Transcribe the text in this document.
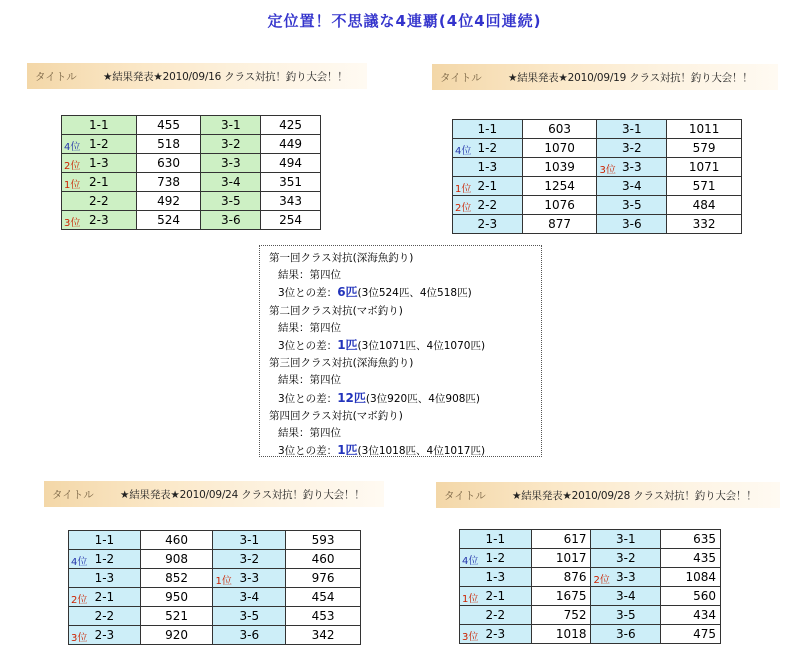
定位置！不思議な4連覇(4位4回連続)
タイトル	★結果発表★2010/09/16 クラス対抗！釣り大会！！
1-1	455	3-1	425

4位 1-2	518	3-2	449

2位 1-3	630	3-3	494

1位 2-1	738	3-4	351
2-2	492	3-5	343

3位 2-3	524	3-6	254
タイトル	★結果発表★2010/09/19 クラス対抗！釣り大会！！
1-1	603	3-1	1011

4位 1-2	1070	3-2	579
1-3	1039	3位 3-3	1071

1位 2-1	1254	3-4	571

2位 2-2	1076	3-5	484
2-3	877	3-6	332
第一回クラス対抗(深海魚釣り)
結果：第四位
3位との差：6匹(3位524匹、4位518匹)
第二回クラス対抗(マボ釣り)
結果：第四位
3位との差：1匹(3位1071匹、4位1070匹)
第三回クラス対抗(深海魚釣り)
結果：第四位
3位との差：12匹(3位920匹、4位908匹)
第四回クラス対抗(マボ釣り)
結果：第四位
3位との差：1匹(3位1018匹、4位1017匹)
タイトル	★結果発表★2010/09/24 クラス対抗！釣り大会！！
1-1	460	3-1	593

4位 1-2	908	3-2	460
1-3	852	1位 3-3	976

2位 2-1	950	3-4	454
2-2	521	3-5	453

3位 2-3	920	3-6	342
タイトル	★結果発表★2010/09/28 クラス対抗！釣り大会！！
1-1	617	3-1	635

4位 1-2	1017	3-2	435
1-3	876	2位 3-3	1084

1位 2-1	1675	3-4	560
2-2	752	3-5	434

3位 2-3	1018	3-6	475
